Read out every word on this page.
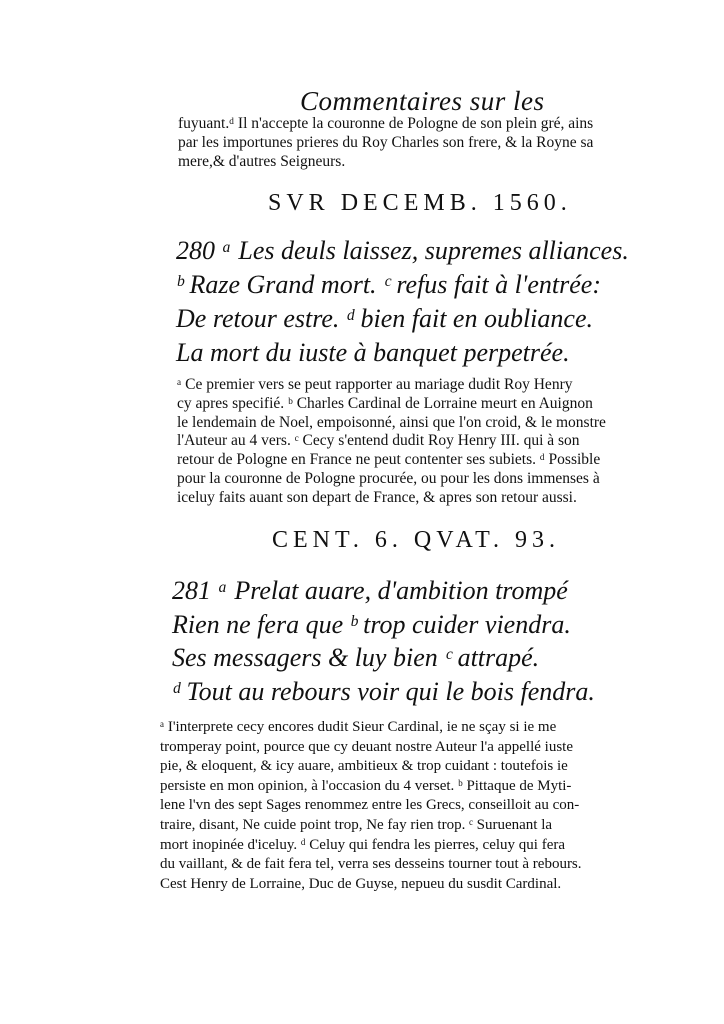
Commentaires sur les
fuyuant.ᵈ Il n'accepte la couronne de Pologne de son plein gré, ains
par les importunes prieres du Roy Charles son frere, & la Royne sa
mere,& d'autres Seigneurs.
SVR DECEMB. 1560.
280 ᵃ Les deuls laissez, supremes alliances.
ᵇ Raze Grand mort. ᶜ refus fait à l'entrée:
De retour estre. ᵈ bien fait en oubliance.
La mort du iuste à banquet perpetrée.
ᵃ Ce premier vers se peut rapporter au mariage dudit Roy Henry
cy apres specifié. ᵇ Charles Cardinal de Lorraine meurt en Auignon
le lendemain de Noel, empoisonné, ainsi que l'on croid, & le monstre
l'Auteur au 4 vers. ᶜ Cecy s'entend dudit Roy Henry III. qui à son
retour de Pologne en France ne peut contenter ses subiets. ᵈ Possible
pour la couronne de Pologne procurée, ou pour les dons immenses à
iceluy faits auant son depart de France, & apres son retour aussi.
CENT. 6. QVAT. 93.
281 ᵃ Prelat auare, d'ambition trompé
Rien ne fera que ᵇ trop cuider viendra.
Ses messagers & luy bien ᶜ attrapé.
ᵈ Tout au rebours voir qui le bois fendra.
ᵃ I'interprete cecy encores dudit Sieur Cardinal, ie ne sçay si ie me
tromperay point, pource que cy deuant nostre Auteur l'a appellé iuste
pie, & eloquent, & icy auare, ambitieux & trop cuidant : toutefois ie
persiste en mon opinion, à l'occasion du 4 verset. ᵇ Pittaque de Myti-
lene l'vn des sept Sages renommez entre les Grecs, conseilloit au con-
traire, disant, Ne cuide point trop, Ne fay rien trop. ᶜ Suruenant la
mort inopinée d'iceluy. ᵈ Celuy qui fendra les pierres, celuy qui fera
du vaillant, & de fait fera tel, verra ses desseins tourner tout à rebours.
Cest Henry de Lorraine, Duc de Guyse, nepueu du susdit Cardinal.
